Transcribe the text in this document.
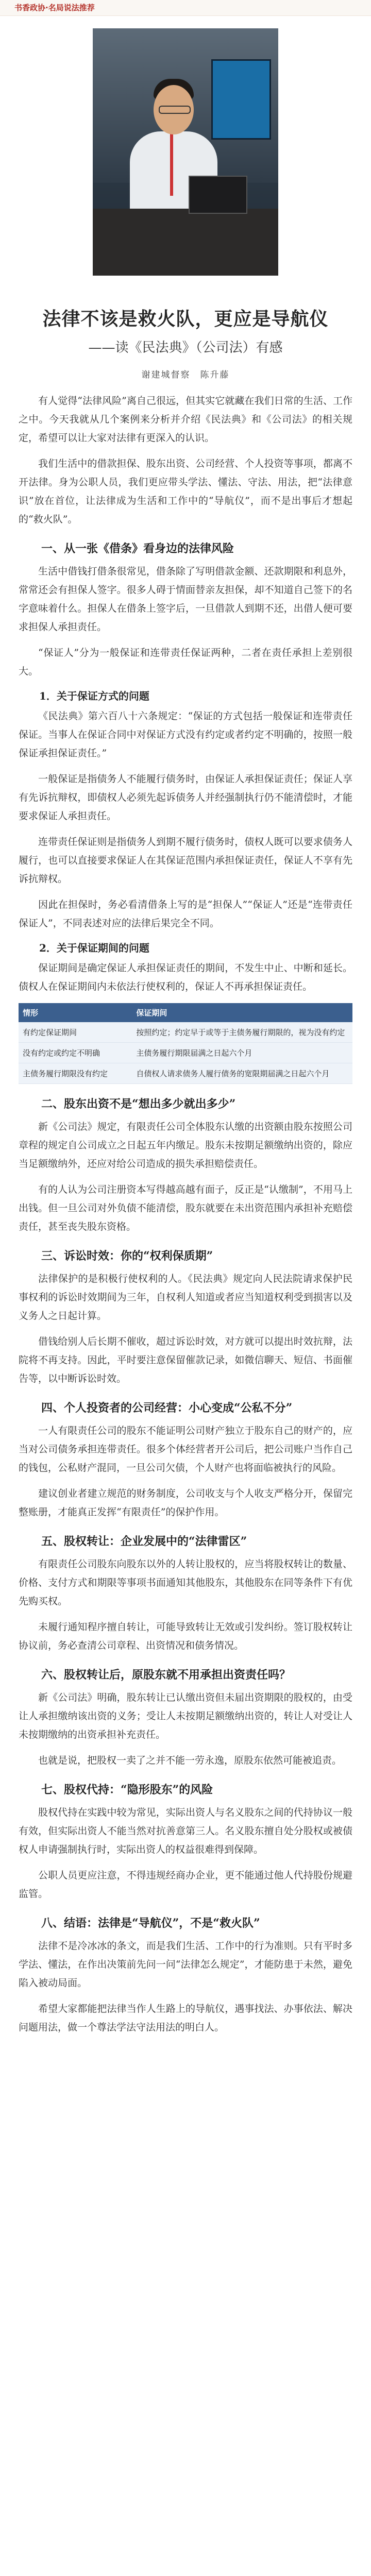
书香政协·名局说法推荐
法律不该是救火队，更应是导航仪
——读《民法典》（公司法）有感
谢建城督察　陈升藤

有人觉得“法律风险”离自己很远，但其实它就藏在我们日常的生活、工作之中。今天我就从几个案例来分析并介绍《民法典》和《公司法》的相关规定，希望可以让大家对法律有更深入的认识。

我们生活中的借款担保、股东出资、公司经营、个人投资等事项，都离不开法律。身为公职人员，我们更应带头学法、懂法、守法、用法，把“法律意识”放在首位，让法律成为生活和工作中的“导航仪”，而不是出事后才想起的“救火队”。

一、从一张《借条》看身边的法律风险

生活中借钱打借条很常见，借条除了写明借款金额、还款期限和利息外，常常还会有担保人签字。很多人碍于情面替亲友担保，却不知道自己签下的名字意味着什么。担保人在借条上签字后，一旦借款人到期不还，出借人便可要求担保人承担责任。

“保证人”分为一般保证和连带责任保证两种，二者在责任承担上差别很大。

1．关于保证方式的问题

《民法典》第六百八十六条规定：“保证的方式包括一般保证和连带责任保证。当事人在保证合同中对保证方式没有约定或者约定不明确的，按照一般保证承担保证责任。”

一般保证是指债务人不能履行债务时，由保证人承担保证责任；保证人享有先诉抗辩权，即债权人必须先起诉债务人并经强制执行仍不能清偿时，才能要求保证人承担责任。

连带责任保证则是指债务人到期不履行债务时，债权人既可以要求债务人履行，也可以直接要求保证人在其保证范围内承担保证责任，保证人不享有先诉抗辩权。

因此在担保时，务必看清借条上写的是“担保人”“保证人”还是“连带责任保证人”，不同表述对应的法律后果完全不同。

2．关于保证期间的问题

保证期间是确定保证人承担保证责任的期间，不发生中止、中断和延长。债权人在保证期间内未依法行使权利的，保证人不再承担保证责任。

情形	保证期间
有约定保证期间	按照约定；约定早于或等于主债务履行期限的，视为没有约定
没有约定或约定不明确	主债务履行期限届满之日起六个月
主债务履行期限没有约定	自债权人请求债务人履行债务的宽限期届满之日起六个月
二、股东出资不是“想出多少就出多少”

新《公司法》规定，有限责任公司全体股东认缴的出资额由股东按照公司章程的规定自公司成立之日起五年内缴足。股东未按期足额缴纳出资的，除应当足额缴纳外，还应对给公司造成的损失承担赔偿责任。

有的人认为公司注册资本写得越高越有面子，反正是“认缴制”，不用马上出钱。但一旦公司对外负债不能清偿，股东就要在未出资范围内承担补充赔偿责任，甚至丧失股东资格。

三、诉讼时效：你的“权利保质期”

法律保护的是积极行使权利的人。《民法典》规定向人民法院请求保护民事权利的诉讼时效期间为三年，自权利人知道或者应当知道权利受到损害以及义务人之日起计算。

借钱给别人后长期不催收，超过诉讼时效，对方就可以提出时效抗辩，法院将不再支持。因此，平时要注意保留催款记录，如微信聊天、短信、书面催告等，以中断诉讼时效。

四、个人投资者的公司经营：小心变成“公私不分”

一人有限责任公司的股东不能证明公司财产独立于股东自己的财产的，应当对公司债务承担连带责任。很多个体经营者开公司后，把公司账户当作自己的钱包，公私财产混同，一旦公司欠债，个人财产也将面临被执行的风险。

建议创业者建立规范的财务制度，公司收支与个人收支严格分开，保留完整账册，才能真正发挥“有限责任”的保护作用。

五、股权转让：企业发展中的“法律雷区”

有限责任公司股东向股东以外的人转让股权的，应当将股权转让的数量、价格、支付方式和期限等事项书面通知其他股东，其他股东在同等条件下有优先购买权。

未履行通知程序擅自转让，可能导致转让无效或引发纠纷。签订股权转让协议前，务必查清公司章程、出资情况和债务情况。

六、股权转让后，原股东就不用承担出资责任吗？

新《公司法》明确，股东转让已认缴出资但未届出资期限的股权的，由受让人承担缴纳该出资的义务；受让人未按期足额缴纳出资的，转让人对受让人未按期缴纳的出资承担补充责任。

也就是说，把股权一卖了之并不能一劳永逸，原股东依然可能被追责。

七、股权代持：“隐形股东”的风险

股权代持在实践中较为常见，实际出资人与名义股东之间的代持协议一般有效，但实际出资人不能当然对抗善意第三人。名义股东擅自处分股权或被债权人申请强制执行时，实际出资人的权益很难得到保障。

公职人员更应注意，不得违规经商办企业，更不能通过他人代持股份规避监管。

八、结语：法律是“导航仪”，不是“救火队”

法律不是冷冰冰的条文，而是我们生活、工作中的行为准则。只有平时多学法、懂法，在作出决策前先问一问“法律怎么规定”，才能防患于未然，避免陷入被动局面。

希望大家都能把法律当作人生路上的导航仪，遇事找法、办事依法、解决问题用法，做一个尊法学法守法用法的明白人。
